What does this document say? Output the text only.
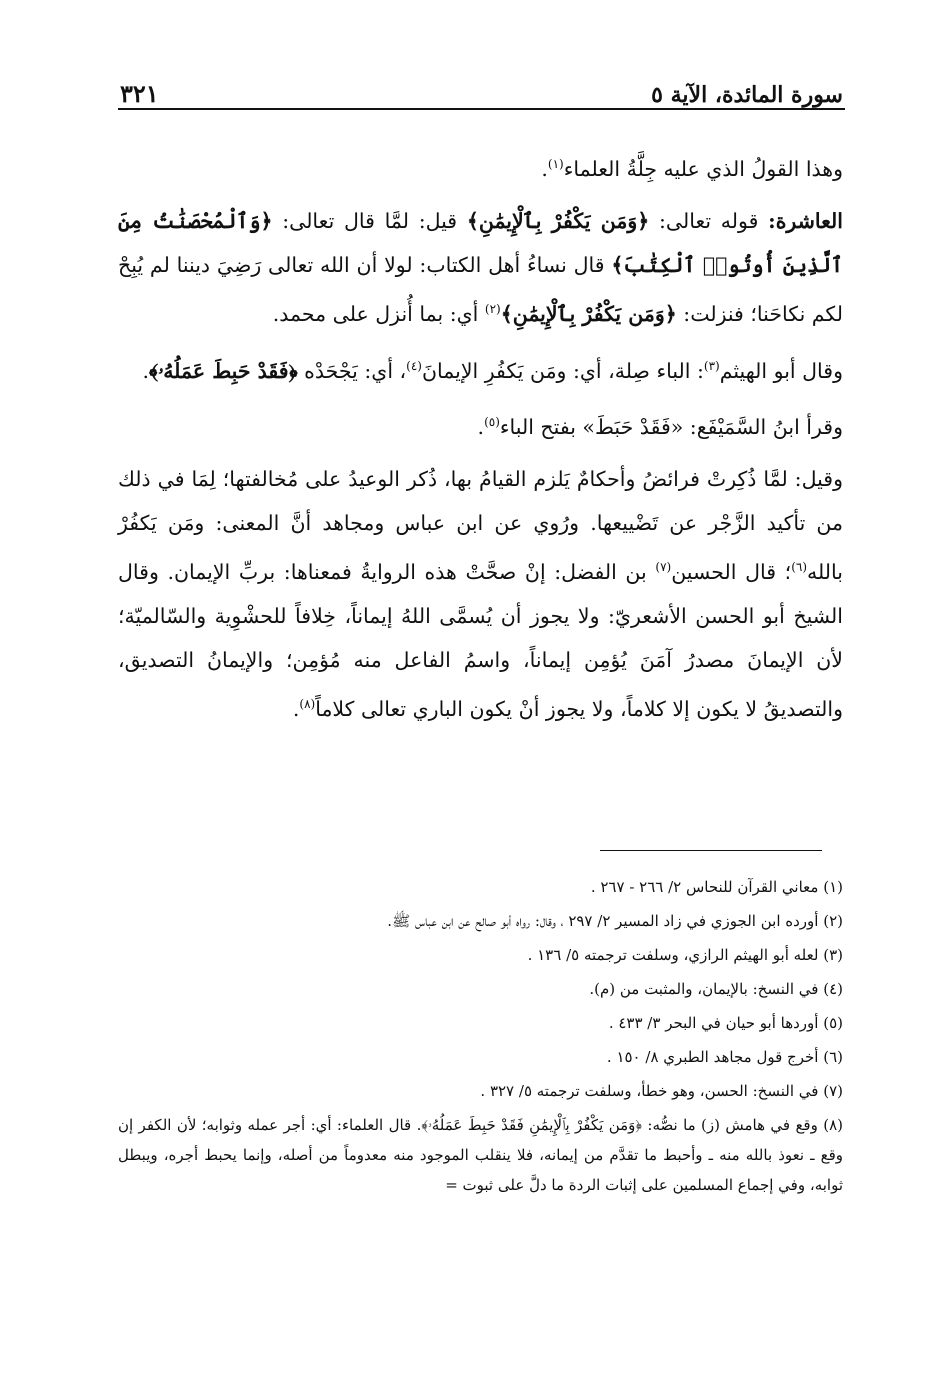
سورة المائدة، الآية ٥
٣٢١

وهذا القولُ الذي عليه جِلَّةُ العلماء$^{(١)}$.

العاشرة: قوله تعالى: ﴿وَمَن يَكْفُرْ بِٱلْإِيمَٰنِ﴾ قيل: لمَّا قال تعالى: ﴿وَٱلْمُحْصَنَٰتُ مِنَ ٱلَّذِينَ أُوتُوا۟ ٱلْكِتَٰبَ﴾ قال نساءُ أهل الكتاب: لولا أن الله تعالى رَضِيَ ديننا لم يُبِحْ لكم نكاحَنا؛ فنزلت: ﴿وَمَن يَكْفُرْ بِٱلْإِيمَٰنِ﴾$^{(٢)}$ أي: بما أُنزل على محمد.

وقال أبو الهيثم$^{(٣)}$: الباء صِلة، أي: ومَن يَكفُرِ الإيمانَ$^{(٤)}$، أي: يَجْحَدْه ﴿فَقَدْ حَبِطَ عَمَلُهُۥ﴾.

وقرأ ابنُ السَّمَيْفَع: «فَقَدْ حَبَطَ» بفتح الباء$^{(٥)}$.

وقيل: لمَّا ذُكِرتْ فرائضُ وأحكامٌ يَلزم القيامُ بها، ذُكر الوعيدُ على مُخالفتها؛ لِمَا في ذلك من تأكيد الزَّجْر عن تَضْييعها. ورُوي عن ابن عباس ومجاهد أنَّ المعنى: ومَن يَكفُرْ بالله$^{(٦)}$؛ قال الحسين$^{(٧)}$ بن الفضل: إنْ صحَّتْ هذه الروايةُ فمعناها: بربِّ الإيمان. وقال الشيخ أبو الحسن الأشعريّ: ولا يجوز أن يُسمَّى اللهُ إيماناً، خِلافاً للحشْوِية والسّالميّة؛ لأن الإيمانَ مصدرُ آمَنَ يُؤمِن إيماناً، واسمُ الفاعل منه مُؤمِن؛ والإيمانُ التصديق، والتصديقُ لا يكون إلا كلاماً، ولا يجوز أنْ يكون الباري تعالى كلاماً$^{(٨)}$.

(١) معاني القرآن للنحاس ٢/ ٢٦٦ - ٢٦٧ .

(٢) أورده ابن الجوزي في زاد المسير ٢/ ٢٩٧ ، وقال: رواه أبو صالح عن ابن عباس ﷺ.

(٣) لعله أبو الهيثم الرازي، وسلفت ترجمته ٥/ ١٣٦ .

(٤) في النسخ: بالإيمان، والمثبت من (م).

(٥) أوردها أبو حيان في البحر ٣/ ٤٣٣ .

(٦) أخرج قول مجاهد الطبري ٨/ ١٥٠ .

(٧) في النسخ: الحسن، وهو خطأ، وسلفت ترجمته ٥/ ٣٢٧ .

(٨) وقع في هامش (ز) ما نصُّه: ﴿وَمَن يَكْفُرْ بِٱلْإِيمَٰنِ فَقَدْ حَبِطَ عَمَلُهُۥ﴾. قال العلماء: أي: أجر عمله وثوابه؛ لأن الكفر إن وقع ـ نعوذ بالله منه ـ وأحبط ما تقدَّم من إيمانه، فلا ينقلب الموجود منه معدوماً من أصله، وإنما يحبط أجره، ويبطل ثوابه، وفي إجماع المسلمين على إثبات الردة ما دلَّ على ثبوت =
